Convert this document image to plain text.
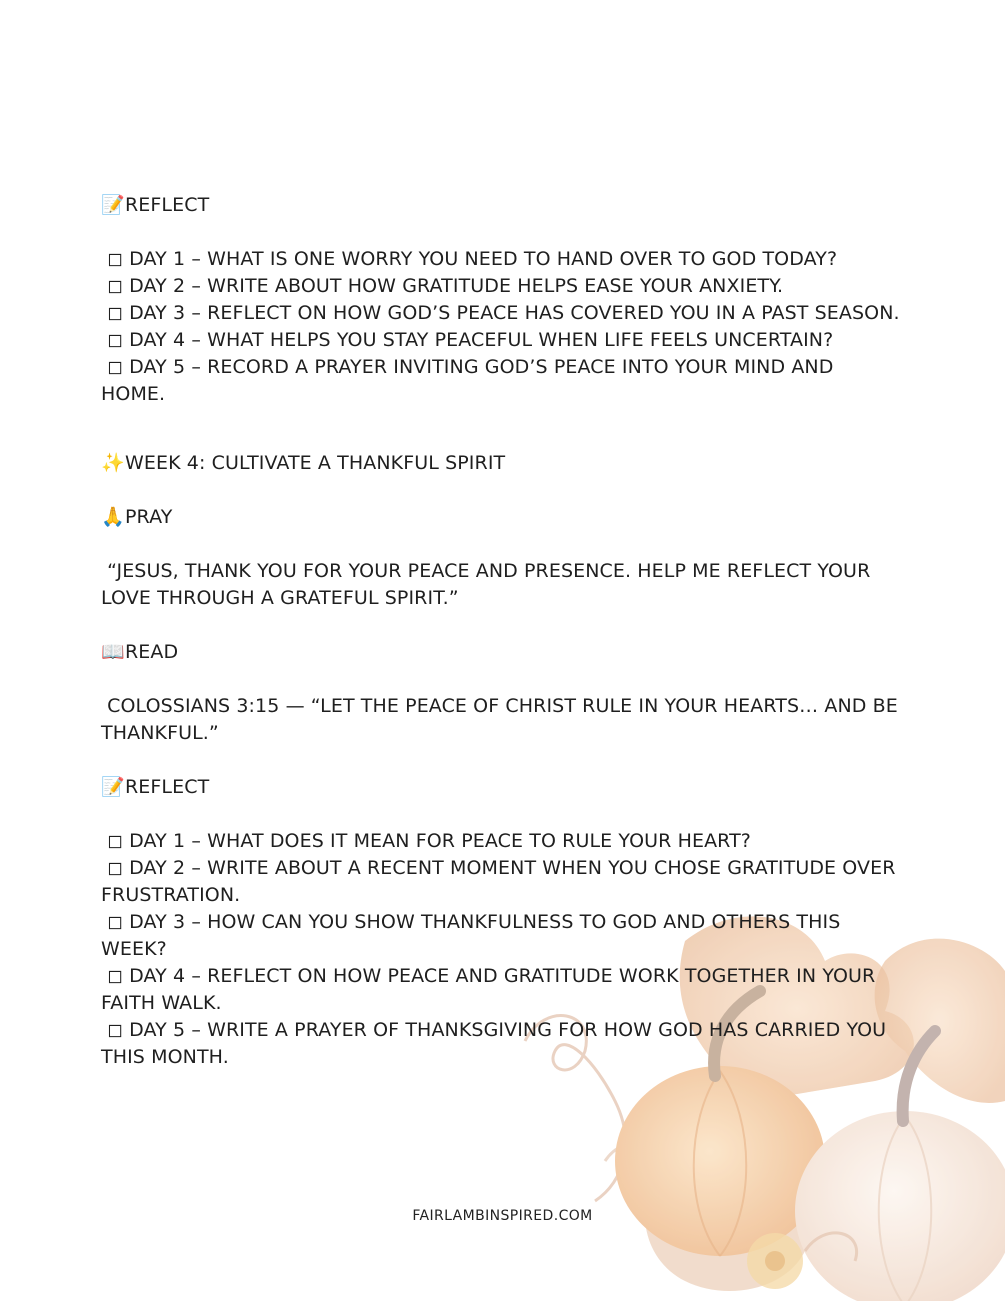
📝REFLECT
◻ DAY 1 – WHAT IS ONE WORRY YOU NEED TO HAND OVER TO GOD TODAY?
◻ DAY 2 – WRITE ABOUT HOW GRATITUDE HELPS EASE YOUR ANXIETY.
◻ DAY 3 – REFLECT ON HOW GOD’S PEACE HAS COVERED YOU IN A PAST SEASON.
◻ DAY 4 – WHAT HELPS YOU STAY PEACEFUL WHEN LIFE FEELS UNCERTAIN?
◻ DAY 5 – RECORD A PRAYER INVITING GOD’S PEACE INTO YOUR MIND AND HOME.
✨WEEK 4: CULTIVATE A THANKFUL SPIRIT
🙏PRAY
“JESUS, THANK YOU FOR YOUR PEACE AND PRESENCE. HELP ME REFLECT YOUR LOVE THROUGH A GRATEFUL SPIRIT.”
📖READ
COLOSSIANS 3:15 — “LET THE PEACE OF CHRIST RULE IN YOUR HEARTS… AND BE THANKFUL.”
📝REFLECT
◻ DAY 1 – WHAT DOES IT MEAN FOR PEACE TO RULE YOUR HEART?
◻ DAY 2 – WRITE ABOUT A RECENT MOMENT WHEN YOU CHOSE GRATITUDE OVER FRUSTRATION.
◻ DAY 3 – HOW CAN YOU SHOW THANKFULNESS TO GOD AND OTHERS THIS WEEK?
◻ DAY 4 – REFLECT ON HOW PEACE AND GRATITUDE WORK TOGETHER IN YOUR FAITH WALK.
◻ DAY 5 – WRITE A PRAYER OF THANKSGIVING FOR HOW GOD HAS CARRIED YOU THIS MONTH.
FAIRLAMBINSPIRED.COM
